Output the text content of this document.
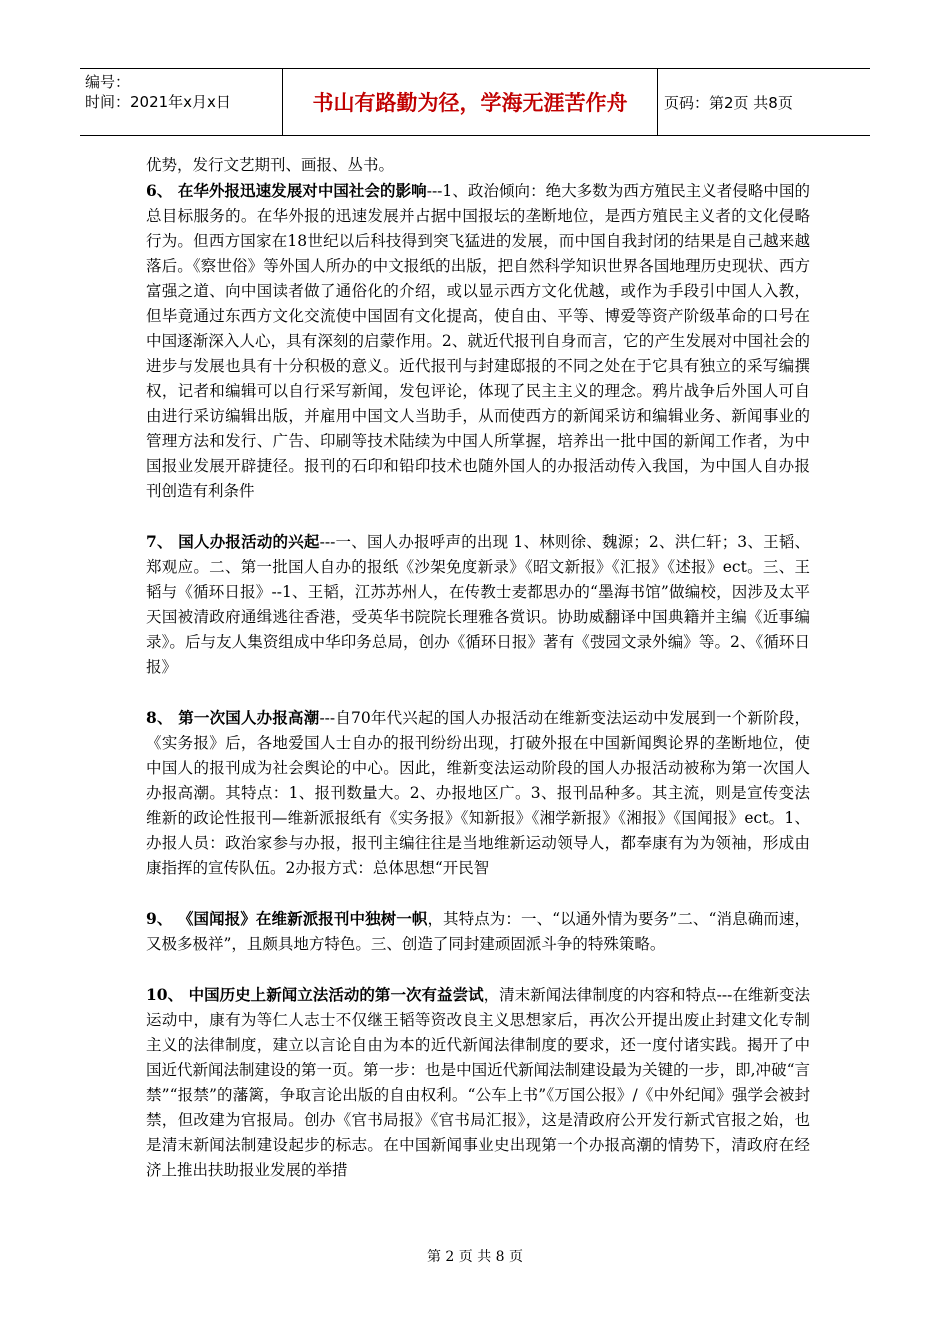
编号：
时间：2021年x月x日	书山有路勤为径，学海无涯苦作舟	页码：第2页 共8页

优势，发行文艺期刊、画报、丛书。

6、 在华外报迅速发展对中国社会的影响---1、政治倾向：绝大多数为西方殖民主义者侵略中国的总目标服务的。在华外报的迅速发展并占据中国报坛的垄断地位，是西方殖民主义者的文化侵略行为。但西方国家在18世纪以后科技得到突飞猛进的发展，而中国自我封闭的结果是自己越来越落后。《察世俗》等外国人所办的中文报纸的出版，把自然科学知识世界各国地理历史现状、西方富强之道、向中国读者做了通俗化的介绍，或以显示西方文化优越，或作为手段引中国人入教，但毕竟通过东西方文化交流使中国固有文化提高，使自由、平等、博爱等资产阶级革命的口号在中国逐渐深入人心，具有深刻的启蒙作用。2、就近代报刊自身而言，它的产生发展对中国社会的进步与发展也具有十分积极的意义。近代报刊与封建邸报的不同之处在于它具有独立的采写编撰权，记者和编辑可以自行采写新闻，发包评论，体现了民主主义的理念。鸦片战争后外国人可自由进行采访编辑出版，并雇用中国文人当助手，从而使西方的新闻采访和编辑业务、新闻事业的管理方法和发行、广告、印刷等技术陆续为中国人所掌握，培养出一批中国的新闻工作者，为中国报业发展开辟捷径。报刊的石印和铅印技术也随外国人的办报活动传入我国，为中国人自办报刊创造有利条件

7、 国人办报活动的兴起---一、国人办报呼声的出现 1、林则徐、魏源；2、洪仁轩；3、王韬、郑观应。二、第一批国人自办的报纸《沙架免度新录》《昭文新报》《汇报》《述报》ect。三、王韬与《循环日报》--1、王韬，江苏苏州人，在传教士麦都思办的“墨海书馆”做编校，因涉及太平天国被清政府通缉逃往香港，受英华书院院长理雅各赏识。协助威翻译中国典籍并主编《近事编录》。后与友人集资组成中华印务总局，创办《循环日报》著有《弢园文录外编》等。2、《循环日报》

8、 第一次国人办报高潮---自70年代兴起的国人办报活动在维新变法运动中发展到一个新阶段，《实务报》后，各地爱国人士自办的报刊纷纷出现，打破外报在中国新闻舆论界的垄断地位，使中国人的报刊成为社会舆论的中心。因此，维新变法运动阶段的国人办报活动被称为第一次国人办报高潮。其特点：1、报刊数量大。2、办报地区广。3、报刊品种多。其主流，则是宣传变法维新的政论性报刊—维新派报纸有《实务报》《知新报》《湘学新报》《湘报》《国闻报》ect。1、办报人员：政治家参与办报，报刊主编往往是当地维新运动领导人，都奉康有为为领袖，形成由康指挥的宣传队伍。2办报方式：总体思想“开民智

9、 《国闻报》在维新派报刊中独树一帜，其特点为：一、“以通外情为要务”二、“消息确而速，又极多极祥”，且颇具地方特色。三、创造了同封建顽固派斗争的特殊策略。

10、 中国历史上新闻立法活动的第一次有益尝试，清末新闻法律制度的内容和特点---在维新变法运动中，康有为等仁人志士不仅继王韬等资改良主义思想家后，再次公开提出废止封建文化专制主义的法律制度，建立以言论自由为本的近代新闻法律制度的要求，还一度付诸实践。揭开了中国近代新闻法制建设的第一页。第一步：也是中国近代新闻法制建设最为关键的一步，即,冲破“言禁”“报禁”的藩篱，争取言论出版的自由权利。“公车上书”《万国公报》/《中外纪闻》强学会被封禁，但改建为官报局。创办《官书局报》《官书局汇报》，这是清政府公开发行新式官报之始，也是清末新闻法制建设起步的标志。在中国新闻事业史出现第一个办报高潮的情势下，清政府在经济上推出扶助报业发展的举措

第 2 页 共 8 页
